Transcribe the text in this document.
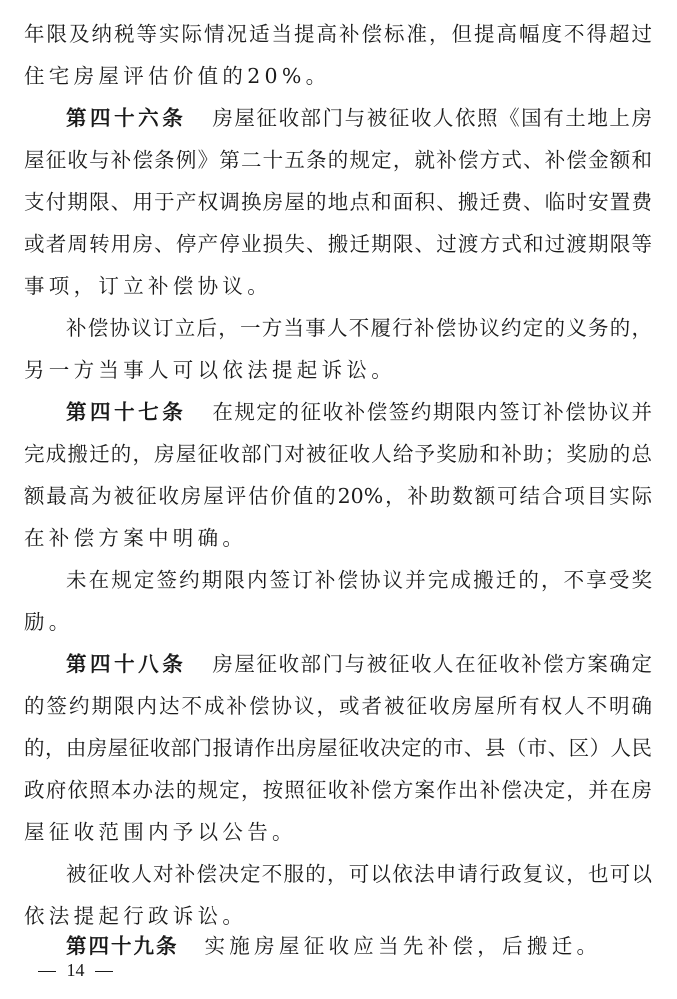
年限及纳税等实际情况适当提高补偿标准，但提高幅度不得超过
住宅房屋评估价值的20%。
第四十六条 房屋征收部门与被征收人依照《国有土地上房
屋征收与补偿条例》第二十五条的规定，就补偿方式、补偿金额和
支付期限、用于产权调换房屋的地点和面积、搬迁费、临时安置费
或者周转用房、停产停业损失、搬迁期限、过渡方式和过渡期限等
事项，订立补偿协议。
补偿协议订立后，一方当事人不履行补偿协议约定的义务的，
另一方当事人可以依法提起诉讼。
第四十七条 在规定的征收补偿签约期限内签订补偿协议并
完成搬迁的，房屋征收部门对被征收人给予奖励和补助；奖励的总
额最高为被征收房屋评估价值的20%，补助数额可结合项目实际
在补偿方案中明确。
未在规定签约期限内签订补偿协议并完成搬迁的，不享受奖
励。
第四十八条 房屋征收部门与被征收人在征收补偿方案确定
的签约期限内达不成补偿协议，或者被征收房屋所有权人不明确
的，由房屋征收部门报请作出房屋征收决定的市、县（市、区）人民
政府依照本办法的规定，按照征收补偿方案作出补偿决定，并在房
屋征收范围内予以公告。
被征收人对补偿决定不服的，可以依法申请行政复议，也可以
依法提起行政诉讼。
第四十九条 实施房屋征收应当先补偿，后搬迁。
14
